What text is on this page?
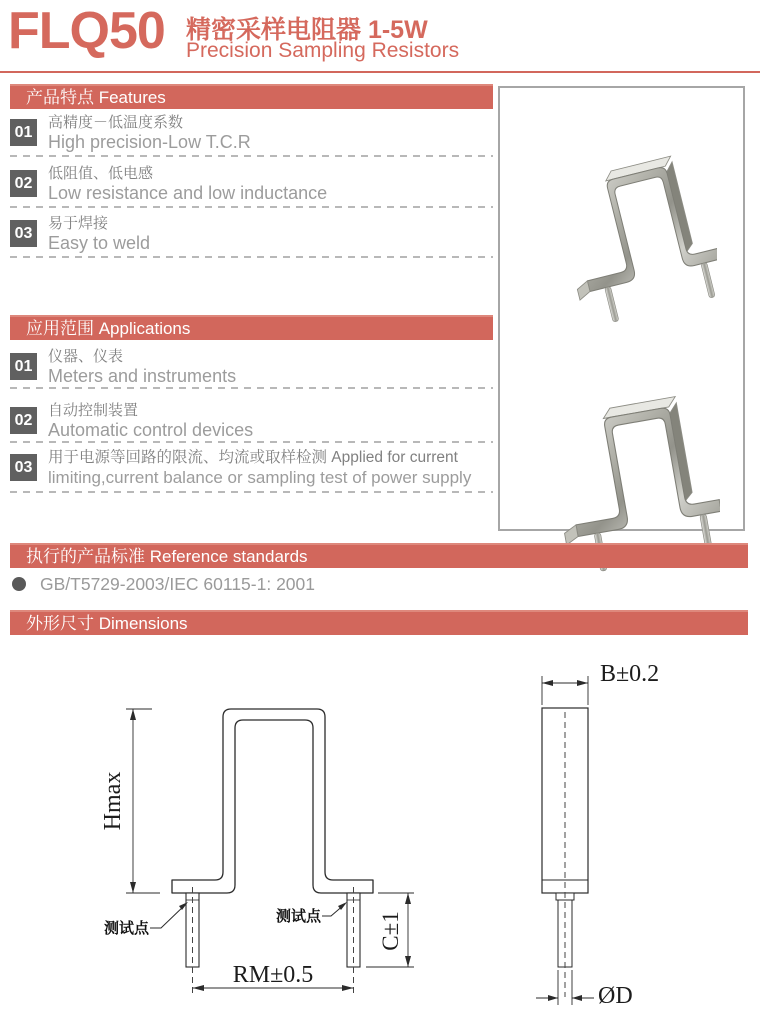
FLQ50 精密采样电阻器 1-5W
Precision Sampling Resistors
产品特点 Features
01
高精度－低温度系数
High precision-Low T.C.R
02
低阻值、低电感
Low resistance and low inductance
03
易于焊接
Easy to weld
应用范围 Applications
01
仪器、仪表
Meters and instruments
02
自动控制装置
Automatic control devices
03
用于电源等回路的限流、均流或取样检测 Applied for current
limiting,current balance or sampling test of power supply
执行的产品标准 Reference standards
GB/T5729-2003/IEC 60115-1: 2001
外形尺寸 Dimensions
Hmax
测试点
测试点
RM±0.5
C±1
B±0.2
ØD
